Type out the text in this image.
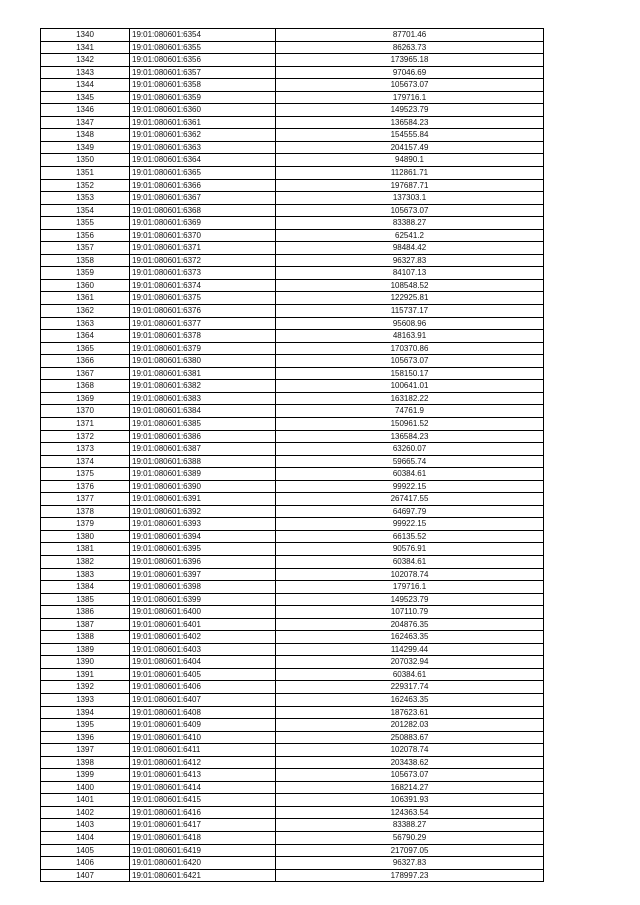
1340	19:01:080601:6354	87701.46
1341	19:01:080601:6355	86263.73
1342	19:01:080601:6356	173965.18
1343	19:01:080601:6357	97046.69
1344	19:01:080601:6358	105673.07
1345	19:01:080601:6359	179716.1
1346	19:01:080601:6360	149523.79
1347	19:01:080601:6361	136584.23
1348	19:01:080601:6362	154555.84
1349	19:01:080601:6363	204157.49
1350	19:01:080601:6364	94890.1
1351	19:01:080601:6365	112861.71
1352	19:01:080601:6366	197687.71
1353	19:01:080601:6367	137303.1
1354	19:01:080601:6368	105673.07
1355	19:01:080601:6369	83388.27
1356	19:01:080601:6370	62541.2
1357	19:01:080601:6371	98484.42
1358	19:01:080601:6372	96327.83
1359	19:01:080601:6373	84107.13
1360	19:01:080601:6374	108548.52
1361	19:01:080601:6375	122925.81
1362	19:01:080601:6376	115737.17
1363	19:01:080601:6377	95608.96
1364	19:01:080601:6378	48163.91
1365	19:01:080601:6379	170370.86
1366	19:01:080601:6380	105673.07
1367	19:01:080601:6381	158150.17
1368	19:01:080601:6382	100641.01
1369	19:01:080601:6383	163182.22
1370	19:01:080601:6384	74761.9
1371	19:01:080601:6385	150961.52
1372	19:01:080601:6386	136584.23
1373	19:01:080601:6387	63260.07
1374	19:01:080601:6388	59665.74
1375	19:01:080601:6389	60384.61
1376	19:01:080601:6390	99922.15
1377	19:01:080601:6391	267417.55
1378	19:01:080601:6392	64697.79
1379	19:01:080601:6393	99922.15
1380	19:01:080601:6394	66135.52
1381	19:01:080601:6395	90576.91
1382	19:01:080601:6396	60384.61
1383	19:01:080601:6397	102078.74
1384	19:01:080601:6398	179716.1
1385	19:01:080601:6399	149523.79
1386	19:01:080601:6400	107110.79
1387	19:01:080601:6401	204876.35
1388	19:01:080601:6402	162463.35
1389	19:01:080601:6403	114299.44
1390	19:01:080601:6404	207032.94
1391	19:01:080601:6405	60384.61
1392	19:01:080601:6406	229317.74
1393	19:01:080601:6407	162463.35
1394	19:01:080601:6408	187623.61
1395	19:01:080601:6409	201282.03
1396	19:01:080601:6410	250883.67
1397	19:01:080601:6411	102078.74
1398	19:01:080601:6412	203438.62
1399	19:01:080601:6413	105673.07
1400	19:01:080601:6414	168214.27
1401	19:01:080601:6415	106391.93
1402	19:01:080601:6416	124363.54
1403	19:01:080601:6417	83388.27
1404	19:01:080601:6418	56790.29
1405	19:01:080601:6419	217097.05
1406	19:01:080601:6420	96327.83
1407	19:01:080601:6421	178997.23
